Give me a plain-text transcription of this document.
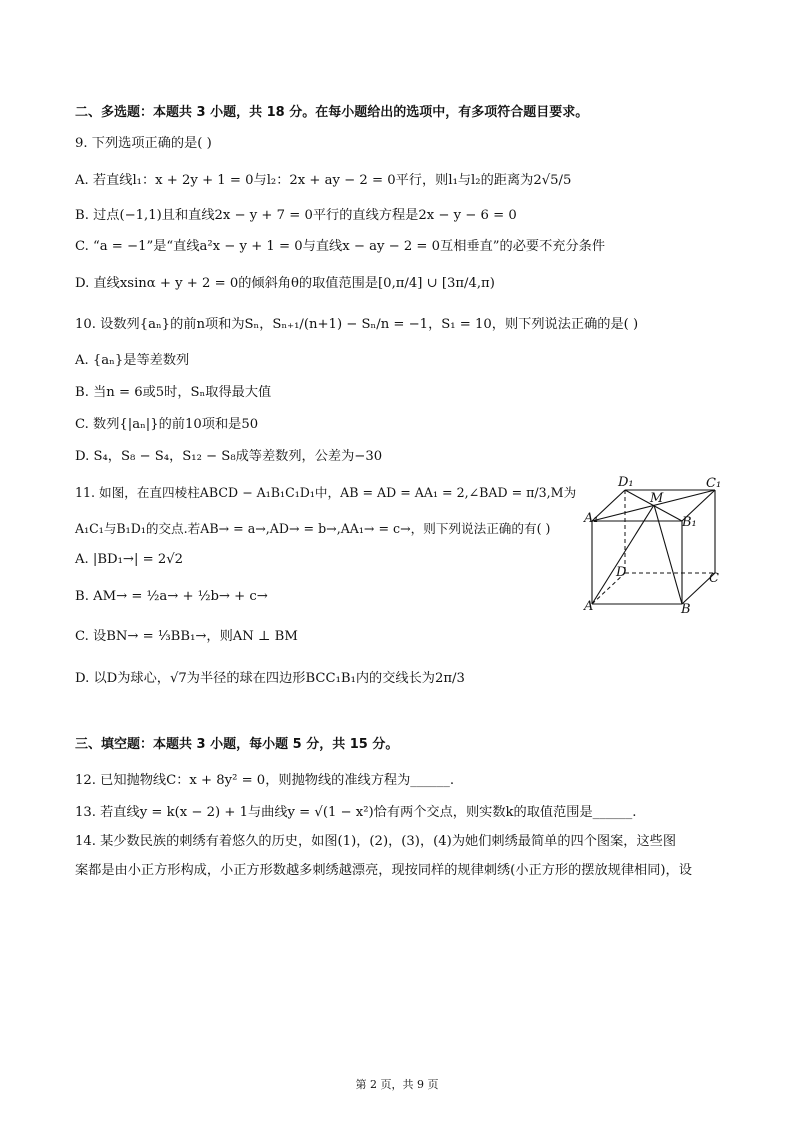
二、多选题：本题共 3 小题，共 18 分。在每小题给出的选项中，有多项符合题目要求。
9. 下列选项正确的是( )
A. 若直线l₁：x + 2y + 1 = 0与l₂：2x + ay − 2 = 0平行，则l₁与l₂的距离为2√5/5
B. 过点(−1,1)且和直线2x − y + 7 = 0平行的直线方程是2x − y − 6 = 0
C. “a = −1”是“直线a²x − y + 1 = 0与直线x − ay − 2 = 0互相垂直”的必要不充分条件
D. 直线xsinα + y + 2 = 0的倾斜角θ的取值范围是[0,π/4] ∪ [3π/4,π)
10. 设数列{aₙ}的前n项和为Sₙ，Sₙ₊₁/(n+1) − Sₙ/n = −1，S₁ = 10，则下列说法正确的是( )
A. {aₙ}是等差数列
B. 当n = 6或5时，Sₙ取得最大值
C. 数列{|aₙ|}的前10项和是50
D. S₄，S₈ − S₄，S₁₂ − S₈成等差数列，公差为−30
11. 如图，在直四棱柱ABCD − A₁B₁C₁D₁中，AB = AD = AA₁ = 2,∠BAD = π/3,M为
A₁C₁与B₁D₁的交点.若AB→ = a→,AD→ = b→,AA₁→ = c→，则下列说法正确的有( )
A. |BD₁→| = 2√2
B. AM→ = ½a→ + ½b→ + c→
C. 设BN→ = ⅓BB₁→，则AN ⊥ BM
D. 以D为球心，√7为半径的球在四边形BCC₁B₁内的交线长为2π/3
D₁
M
C₁
A₁	B₁
D	C
A	B
三、填空题：本题共 3 小题，每小题 5 分，共 15 分。
12. 已知抛物线C：x + 8y² = 0，则抛物线的准线方程为______.
13. 若直线y = k(x − 2) + 1与曲线y = √(1 − x²)恰有两个交点，则实数k的取值范围是______.
14. 某少数民族的刺绣有着悠久的历史，如图(1)，(2)，(3)，(4)为她们刺绣最简单的四个图案，这些图
案都是由小正方形构成，小正方形数越多刺绣越漂亮，现按同样的规律刺绣(小正方形的摆放规律相同)，设
第 2 页，共 9 页
